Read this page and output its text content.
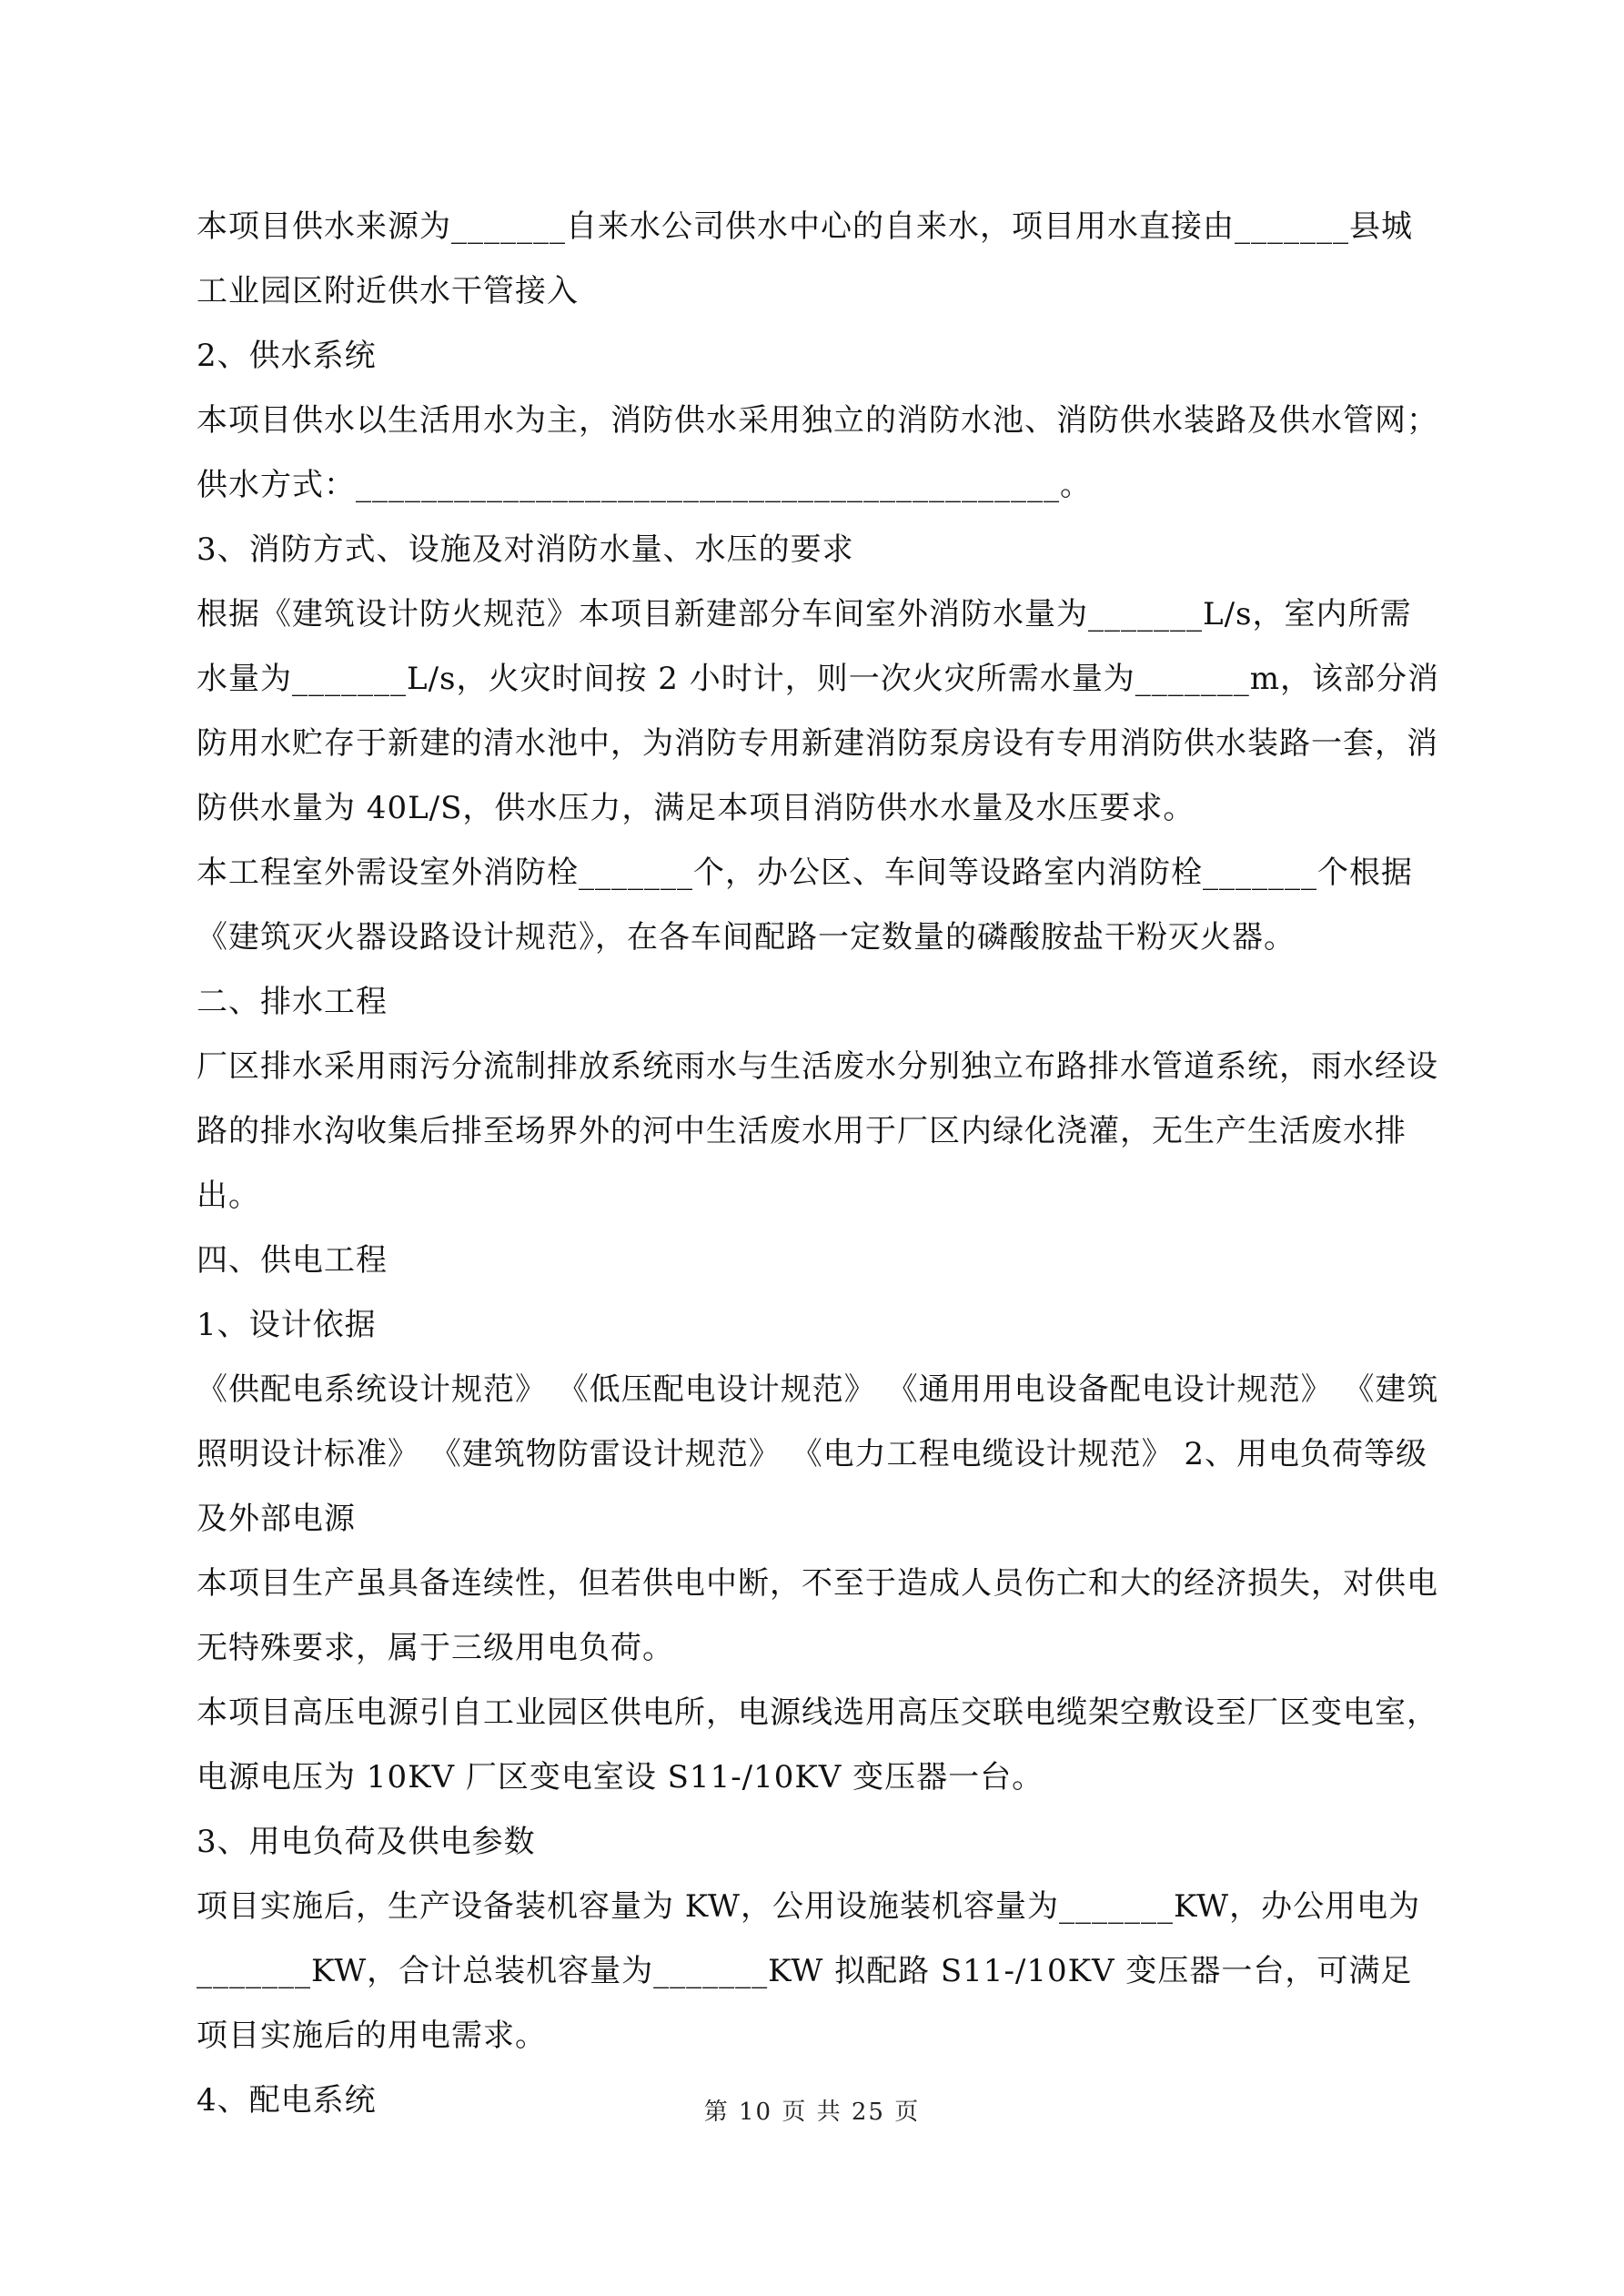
本项目供水来源为_______自来水公司供水中心的自来水，项目用水直接由_______县城工业园区附近供水干管接入

2、供水系统

本项目供水以生活用水为主，消防供水采用独立的消防水池、消防供水装路及供水管网；供水方式：___________________________________________。

3、消防方式、设施及对消防水量、水压的要求

根据《建筑设计防火规范》本项目新建部分车间室外消防水量为_______L/s，室内所需水量为_______L/s，火灾时间按 2 小时计，则一次火灾所需水量为_______m，该部分消防用水贮存于新建的清水池中，为消防专用新建消防泵房设有专用消防供水装路一套，消防供水量为 40L/S，供水压力，满足本项目消防供水水量及水压要求。

本工程室外需设室外消防栓_______个，办公区、车间等设路室内消防栓_______个根据《建筑灭火器设路设计规范》，在各车间配路一定数量的磷酸胺盐干粉灭火器。

二、排水工程

厂区排水采用雨污分流制排放系统雨水与生活废水分别独立布路排水管道系统，雨水经设路的排水沟收集后排至场界外的河中生活废水用于厂区内绿化浇灌，无生产生活废水排出。

四、供电工程

1、设计依据

《供配电系统设计规范》 《低压配电设计规范》 《通用用电设备配电设计规范》 《建筑照明设计标准》 《建筑物防雷设计规范》 《电力工程电缆设计规范》 2、用电负荷等级及外部电源

本项目生产虽具备连续性，但若供电中断，不至于造成人员伤亡和大的经济损失，对供电无特殊要求，属于三级用电负荷。

本项目高压电源引自工业园区供电所，电源线选用高压交联电缆架空敷设至厂区变电室，电源电压为 10KV 厂区变电室设 S11-/10KV 变压器一台。

3、用电负荷及供电参数

项目实施后，生产设备装机容量为 KW，公用设施装机容量为_______KW，办公用电为_______KW，合计总装机容量为_______KW 拟配路 S11-/10KV 变压器一台，可满足项目实施后的用电需求。

4、配电系统	第 10 页 共 25 页
